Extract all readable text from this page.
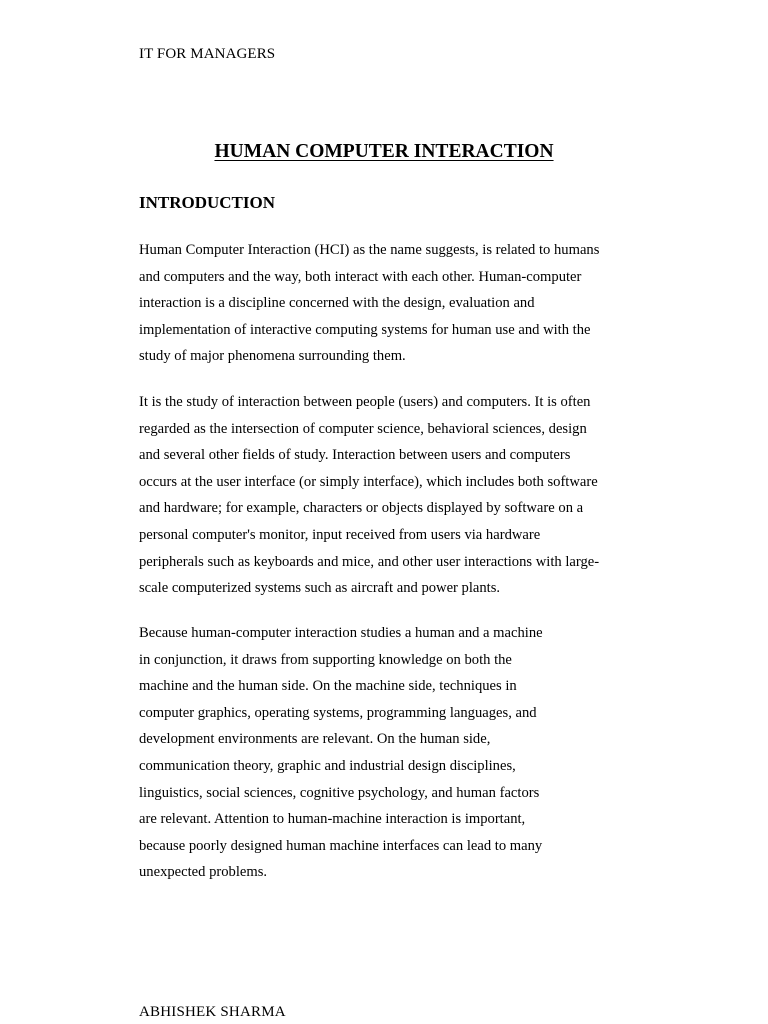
IT FOR MANAGERS
HUMAN COMPUTER INTERACTION
INTRODUCTION

Human Computer Interaction (HCI) as the name suggests, is related to humans
and computers and the way, both interact with each other. Human-computer
interaction is a discipline concerned with the design, evaluation and
implementation of interactive computing systems for human use and with the
study of major phenomena surrounding them.

It is the study of interaction between people (users) and computers. It is often
regarded as the intersection of computer science, behavioral sciences, design
and several other fields of study. Interaction between users and computers
occurs at the user interface (or simply interface), which includes both software
and hardware; for example, characters or objects displayed by software on a
personal computer's monitor, input received from users via hardware
peripherals such as keyboards and mice, and other user interactions with large-
scale computerized systems such as aircraft and power plants.

Because human-computer interaction studies a human and a machine
in conjunction, it draws from supporting knowledge on both the
machine and the human side. On the machine side, techniques in
computer graphics, operating systems, programming languages, and
development environments are relevant. On the human side,
communication theory, graphic and industrial design disciplines,
linguistics, social sciences, cognitive psychology, and human factors
are relevant. Attention to human-machine interaction is important,
because poorly designed human machine interfaces can lead to many
unexpected problems.

ABHISHEK SHARMA
